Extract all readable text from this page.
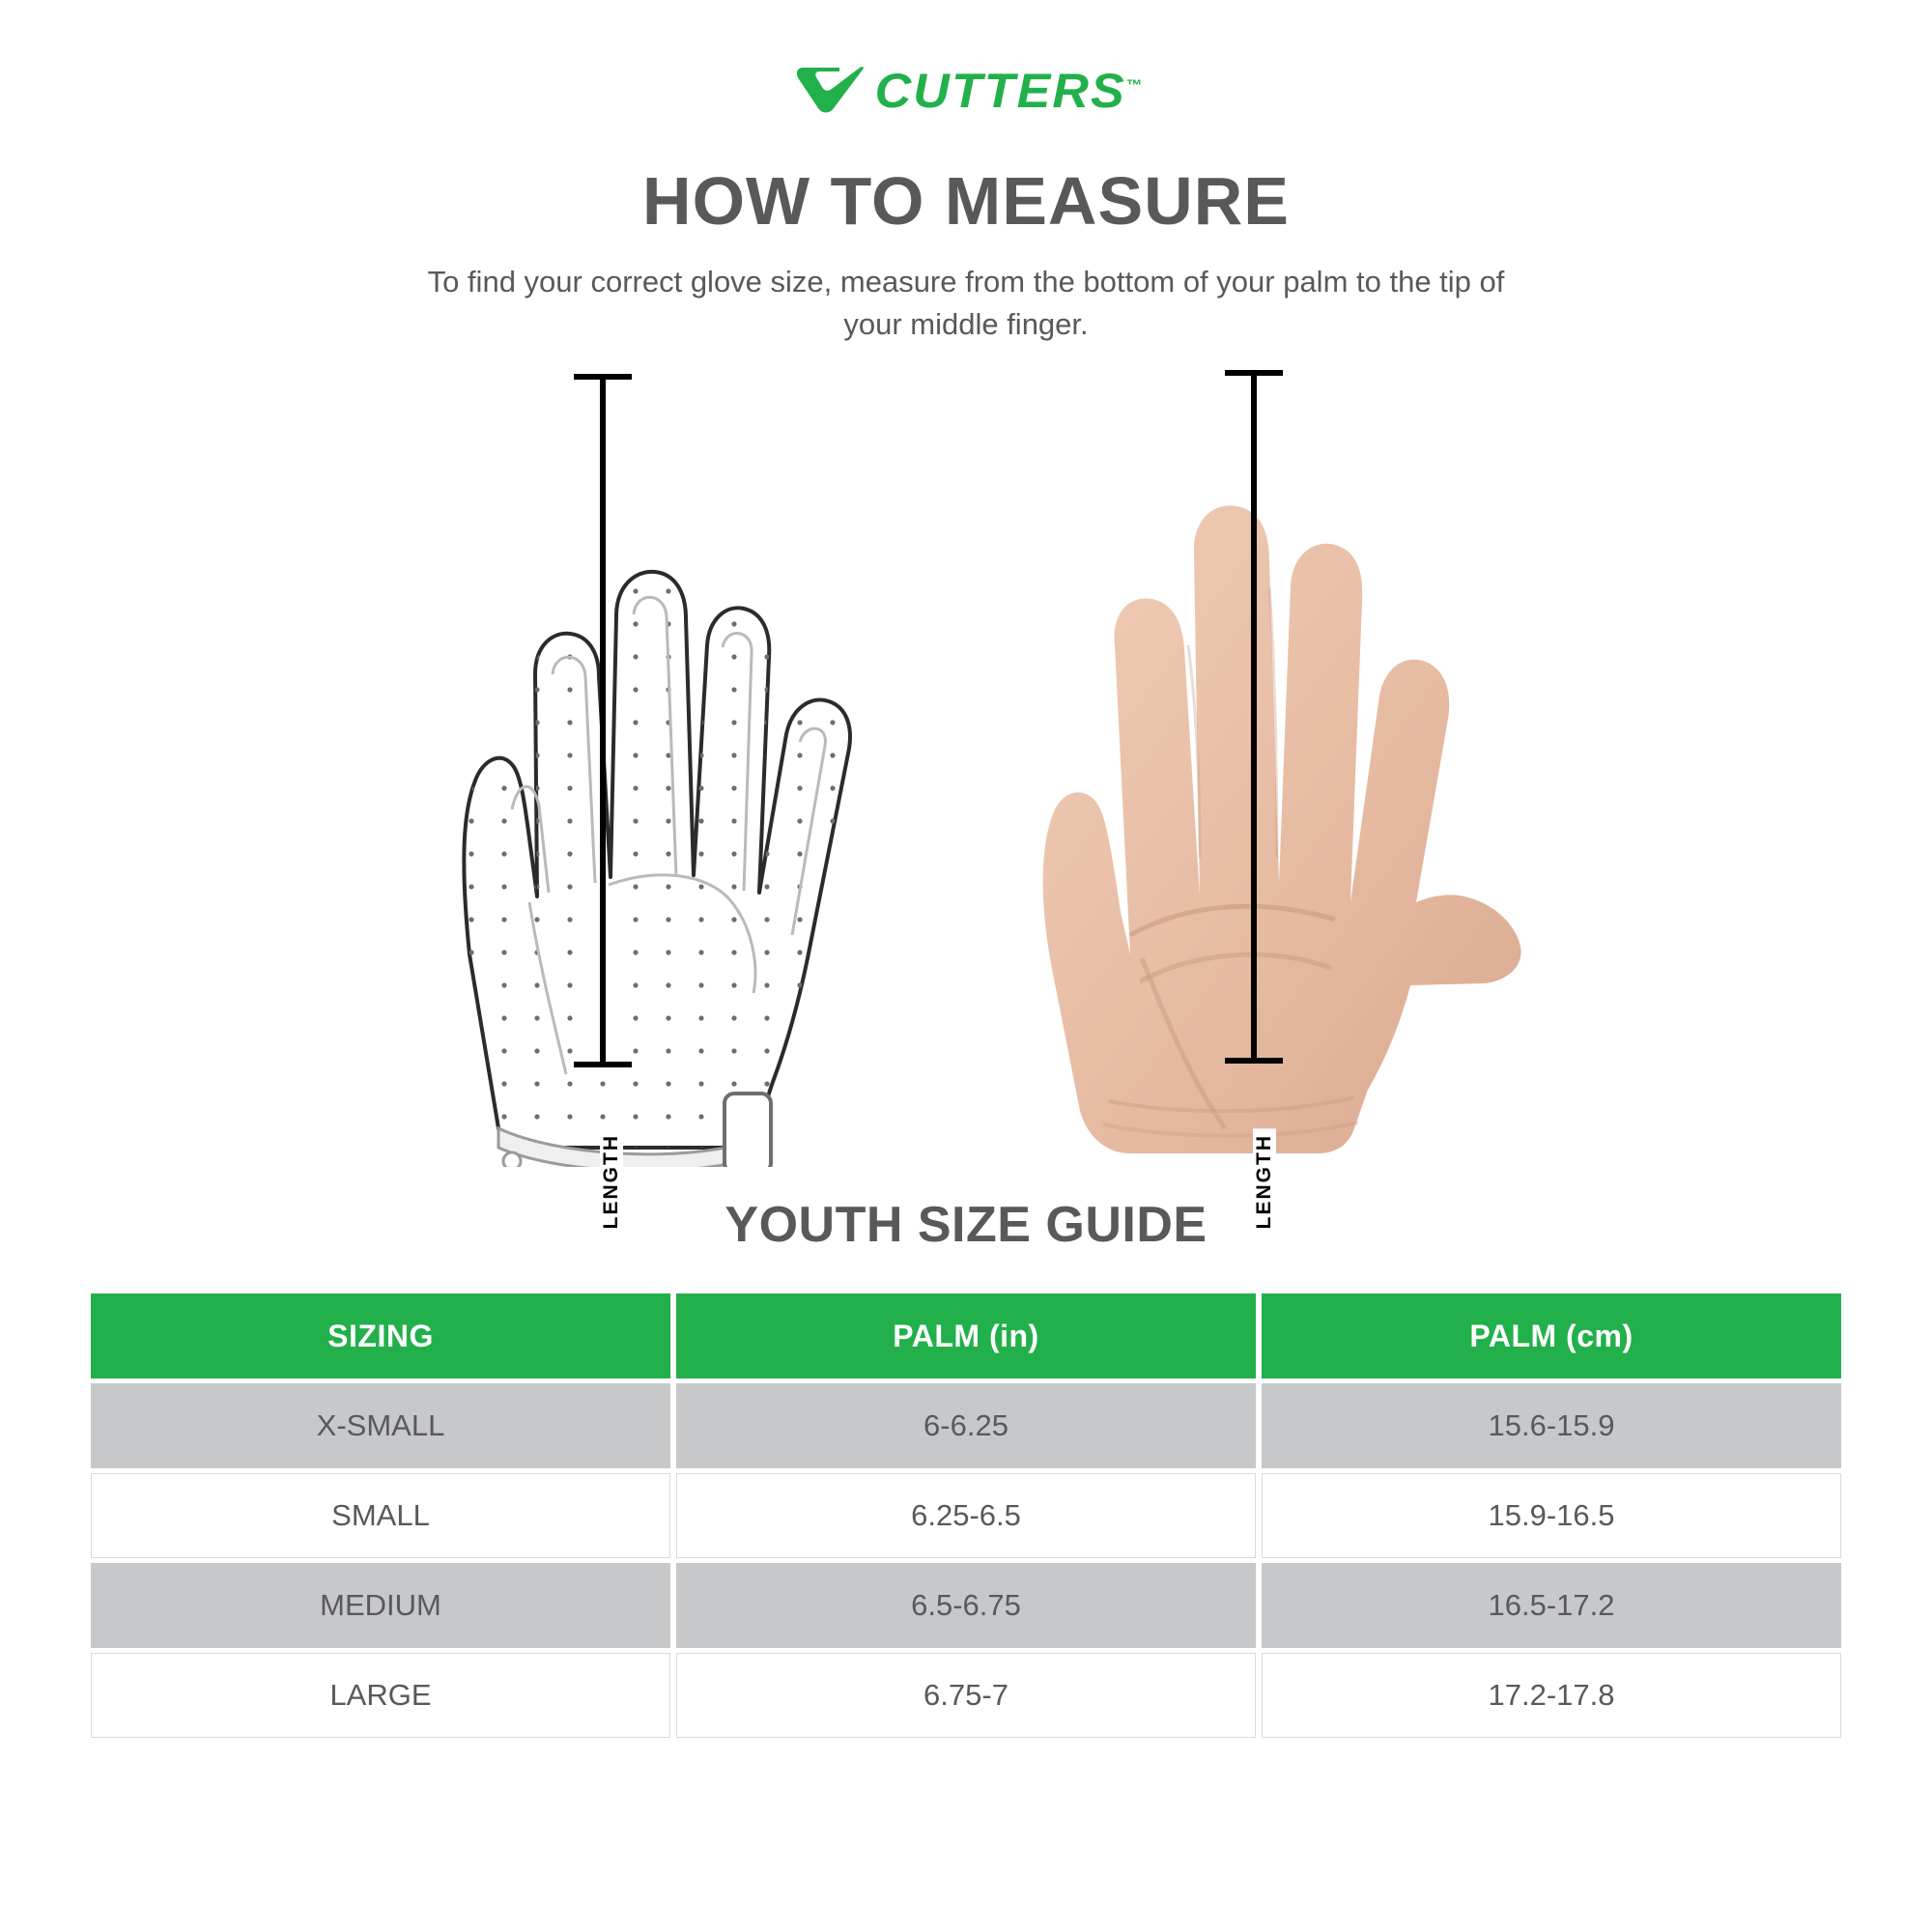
CUTTERS™
HOW TO MEASURE
To find your correct glove size, measure from the bottom of your palm to the tip of your middle finger.
LENGTH	LENGTH
YOUTH SIZE GUIDE
SIZING	PALM (in)	PALM (cm)
X-SMALL	6-6.25	15.6-15.9
SMALL	6.25-6.5	15.9-16.5
MEDIUM	6.5-6.75	16.5-17.2
LARGE	6.75-7	17.2-17.8
